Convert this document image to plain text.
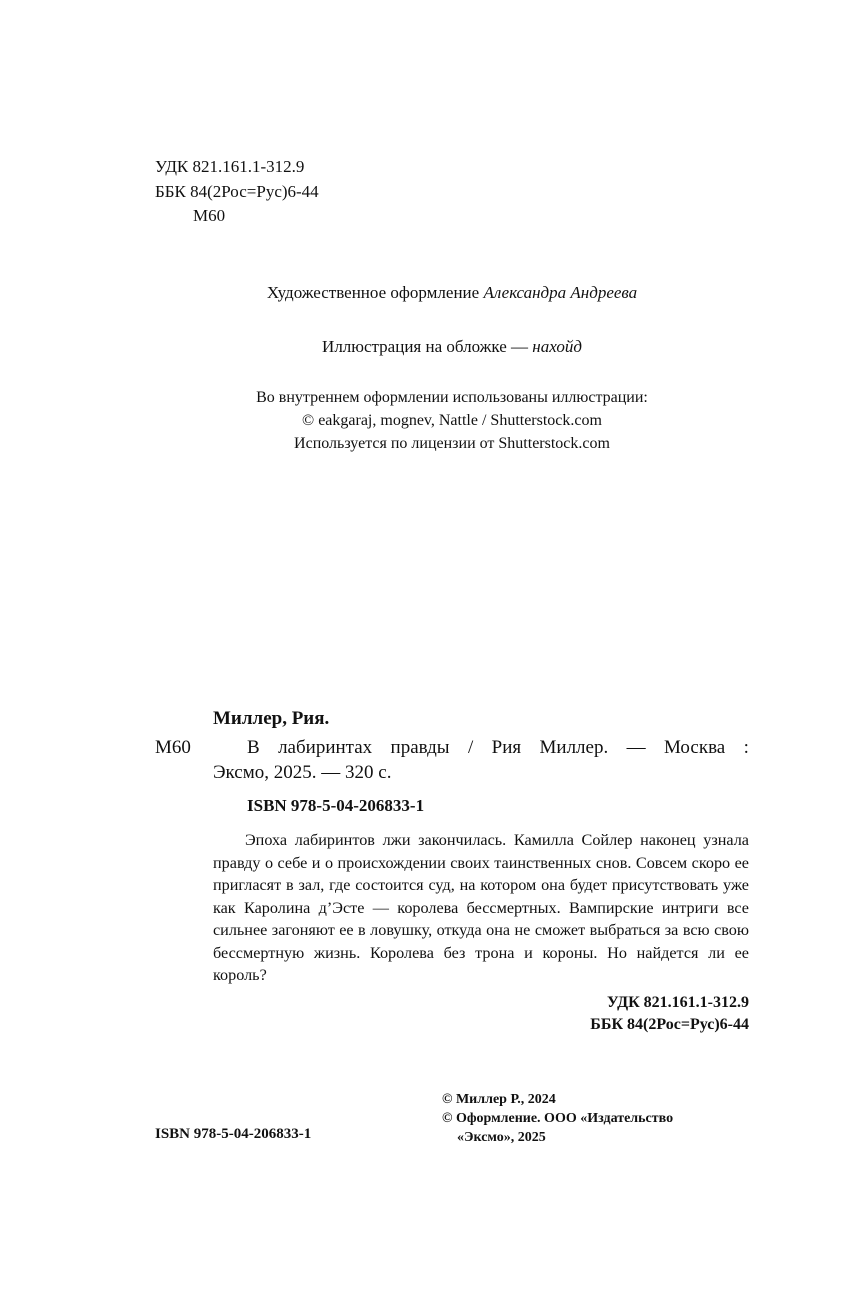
УДК 821.161.1-312.9
ББК 84(2Рос=Рус)6-44
М60
Художественное оформление Александра Андреева
Иллюстрация на обложке — нахойд
Во внутреннем оформлении использованы иллюстрации:
© eakgaraj, mognev, Nattle / Shutterstock.com
Используется по лицензии от Shutterstock.com
Миллер, Рия.
М60	В лабиринтах правды / Рия Миллер. — Москва :
Эксмо, 2025. — 320 с.
ISBN 978-5-04-206833-1
Эпоха лабиринтов лжи закончилась. Камилла Сойлер наконец узнала правду о себе и о происхождении своих таинственных снов. Совсем скоро ее пригласят в зал, где состоится суд, на котором она будет присутствовать уже как Каролина д’Эсте — королева бессмертных. Вампирские интриги все сильнее загоняют ее в ловушку, откуда она не сможет выбраться за всю свою бессмертную жизнь. Королева без трона и короны. Но найдется ли ее король?
УДК 821.161.1-312.9
ББК 84(2Рос=Рус)6-44
ISBN 978-5-04-206833-1
© Миллер Р., 2024
© Оформление. ООО «Издательство
«Эксмо», 2025
